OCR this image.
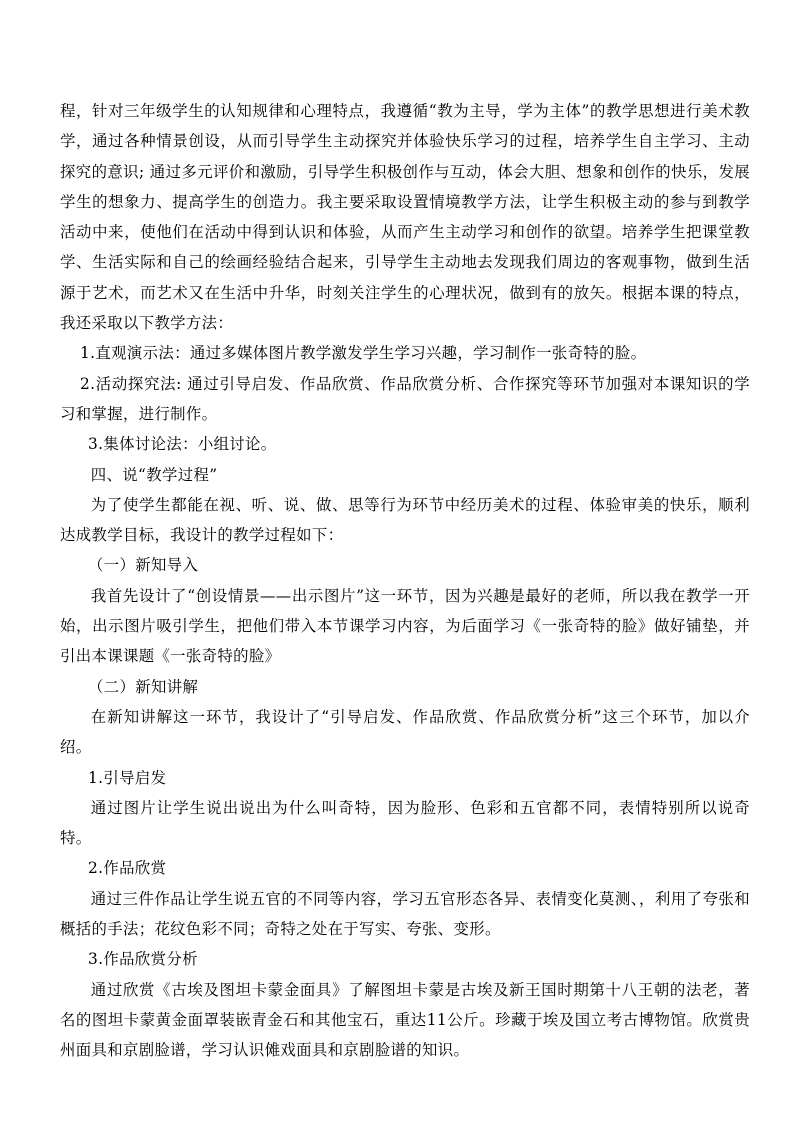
程，针对三年级学生的认知规律和心理特点，我遵循“教为主导，学为主体”的教学思想进行美术教学，通过各种情景创设，从而引导学生主动探究并体验快乐学习的过程，培养学生自主学习、主动探究的意识; 通过多元评价和激励，引导学生积极创作与互动，体会大胆、想象和创作的快乐，发展学生的想象力、提高学生的创造力。我主要采取设置情境教学方法，让学生积极主动的参与到教学活动中来，使他们在活动中得到认识和体验，从而产生主动学习和创作的欲望。培养学生把课堂教学、生活实际和自己的绘画经验结合起来，引导学生主动地去发现我们周边的客观事物，做到生活源于艺术，而艺术又在生活中升华，时刻关注学生的心理状况，做到有的放矢。根据本课的特点，我还采取以下教学方法：

1.直观演示法：通过多媒体图片教学激发学生学习兴趣，学习制作一张奇特的脸。

2.活动探究法: 通过引导启发、作品欣赏、作品欣赏分析、合作探究等环节加强对本课知识的学习和掌握，进行制作。

3.集体讨论法：小组讨论。

四、说“教学过程”

为了使学生都能在视、听、说、做、思等行为环节中经历美术的过程、体验审美的快乐，顺利达成教学目标，我设计的教学过程如下：

（一）新知导入

我首先设计了“创设情景——出示图片”这一环节，因为兴趣是最好的老师，所以我在教学一开始，出示图片吸引学生，把他们带入本节课学习内容，为后面学习《一张奇特的脸》做好铺垫，并引出本课课题《一张奇特的脸》

（二）新知讲解

在新知讲解这一环节，我设计了“引导启发、作品欣赏、作品欣赏分析”这三个环节，加以介绍。

1.引导启发

通过图片让学生说出说出为什么叫奇特，因为脸形、色彩和五官都不同，表情特别所以说奇特。

2.作品欣赏

通过三件作品让学生说五官的不同等内容，学习五官形态各异、表情变化莫测、，利用了夸张和概括的手法；花纹色彩不同；奇特之处在于写实、夸张、变形。

3.作品欣赏分析

通过欣赏《古埃及图坦卡蒙金面具》了解图坦卡蒙是古埃及新王国时期第十八王朝的法老，著名的图坦卡蒙黄金面罩装嵌青金石和其他宝石，重达11公斤。珍藏于埃及国立考古博物馆。欣赏贵州面具和京剧脸谱，学习认识傩戏面具和京剧脸谱的知识。
